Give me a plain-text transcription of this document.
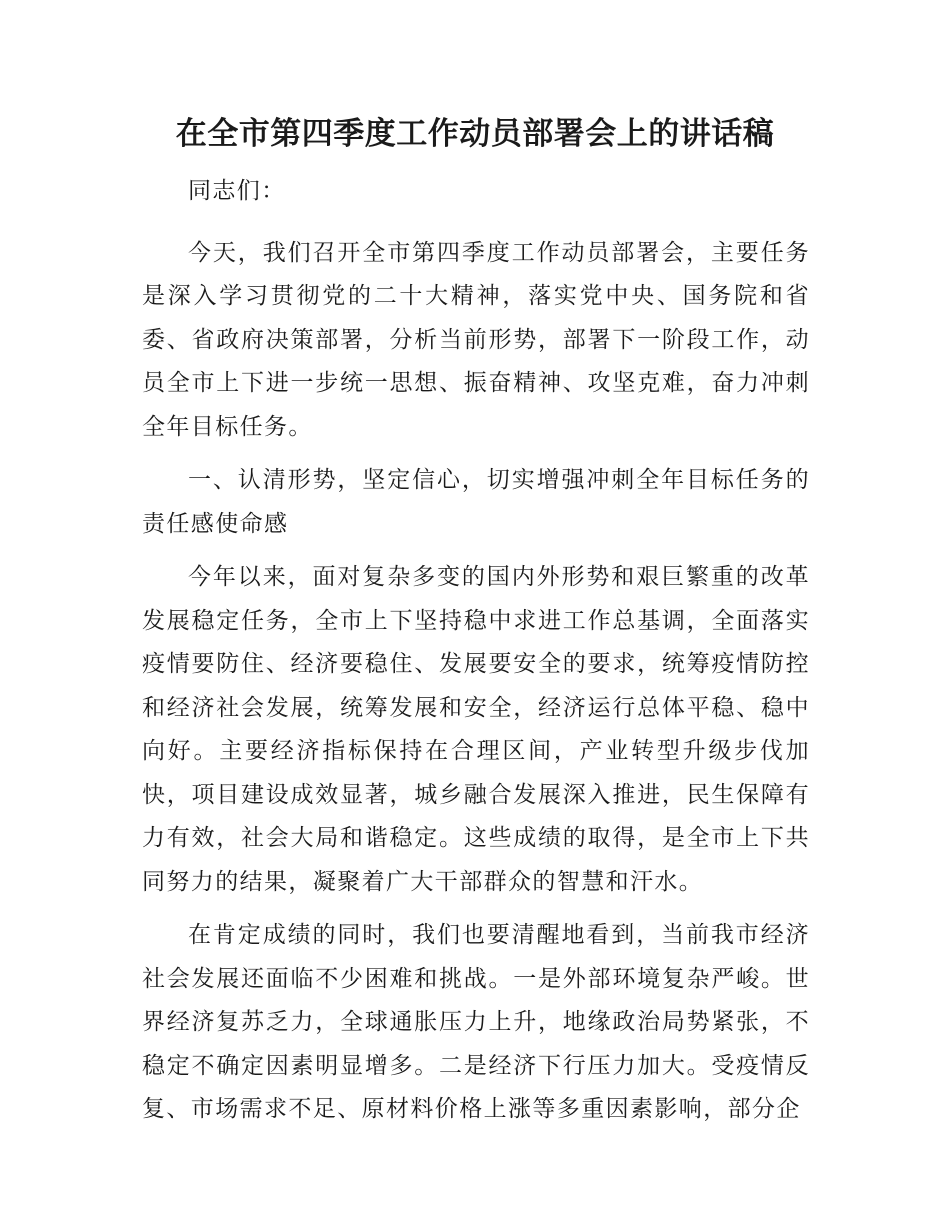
在全市第四季度工作动员部署会上的讲话稿

同志们：

今天，我们召开全市第四季度工作动员部署会，主要任务是深入学习贯彻党的二十大精神，落实党中央、国务院和省委、省政府决策部署，分析当前形势，部署下一阶段工作，动员全市上下进一步统一思想、振奋精神、攻坚克难，奋力冲刺全年目标任务。

一、认清形势，坚定信心，切实增强冲刺全年目标任务的责任感使命感

今年以来，面对复杂多变的国内外形势和艰巨繁重的改革发展稳定任务，全市上下坚持稳中求进工作总基调，全面落实疫情要防住、经济要稳住、发展要安全的要求，统筹疫情防控和经济社会发展，统筹发展和安全，经济运行总体平稳、稳中向好。主要经济指标保持在合理区间，产业转型升级步伐加快，项目建设成效显著，城乡融合发展深入推进，民生保障有力有效，社会大局和谐稳定。这些成绩的取得，是全市上下共同努力的结果，凝聚着广大干部群众的智慧和汗水。

在肯定成绩的同时，我们也要清醒地看到，当前我市经济社会发展还面临不少困难和挑战。一是外部环境复杂严峻。世界经济复苏乏力，全球通胀压力上升，地缘政治局势紧张，不稳定不确定因素明显增多。二是经济下行压力加大。受疫情反复、市场需求不足、原材料价格上涨等多重因素影响，部分企
